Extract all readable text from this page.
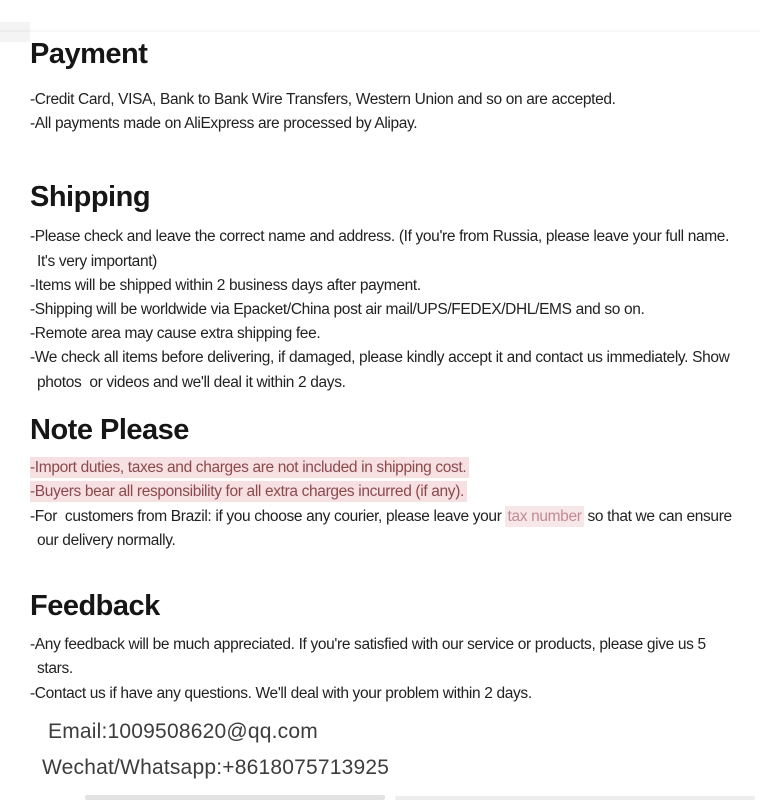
Payment

-Credit Card, VISA, Bank to Bank Wire Transfers, Western Union and so on are accepted.

-All payments made on AliExpress are processed by Alipay.

Shipping

-Please check and leave the correct name and address. (If you're from Russia, please leave your full name. It's very important)

-Items will be shipped within 2 business days after payment.

-Shipping will be worldwide via Epacket/China post air mail/UPS/FEDEX/DHL/EMS and so on.

-Remote area may cause extra shipping fee.

-We check all items before delivering, if damaged, please kindly accept it and contact us immediately. Show photos  or videos and we'll deal it within 2 days.

Note Please

-Import duties, taxes and charges are not included in shipping cost.

-Buyers bear all responsibility for all extra charges incurred (if any).

-For  customers from Brazil: if you choose any courier, please leave your tax number so that we can ensure our delivery normally.

Feedback

-Any feedback will be much appreciated. If you're satisfied with our service or products, please give us 5 stars.

-Contact us if have any questions. We'll deal with your problem within 2 days.

Email:1009508620@qq.com

Wechat/Whatsapp:+8618075713925
